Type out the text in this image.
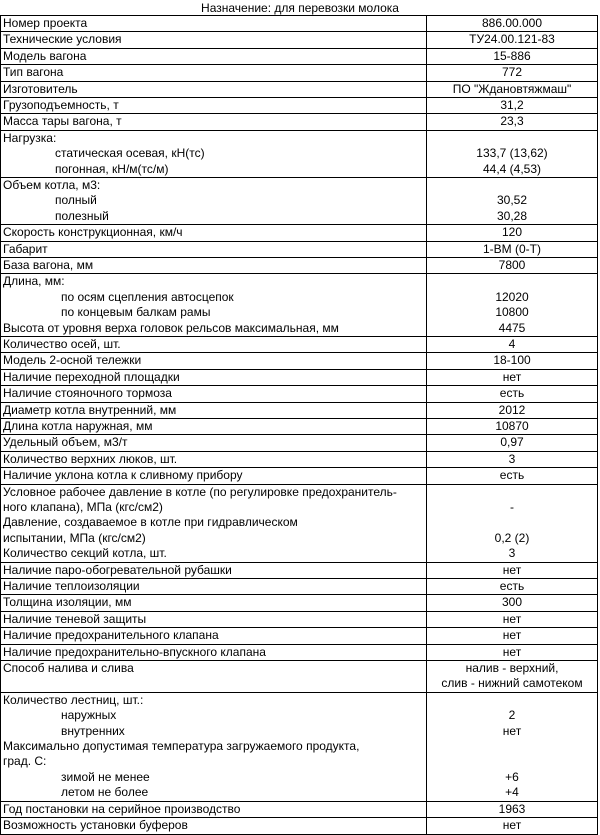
Назначение: для перевозки молока
Номер проекта	886.00.000
Технические условия	ТУ24.00.121-83
Модель вагона	15-886
Тип вагона	772
Изготовитель	ПО "Ждановтяжмаш"
Грузоподъемность, т	31,2
Масса тары вагона, т	23,3
Нагрузка:
статическая осевая, кН(тс)	133,7 (13,62)
погонная, кН/м(тс/м)	44,4 (4,53)
Объем котла, м3:
полный	30,52
полезный	30,28
Скорость конструкционная, км/ч	120
Габарит	1-ВМ (0-Т)
База вагона, мм	7800
Длина, мм:
по осям сцепления автосцепок	12020
по концевым балкам рамы	10800
Высота от уровня верха головок рельсов максимальная, мм	4475
Количество осей, шт.	4
Модель 2-осной тележки	18-100
Наличие переходной площадки	нет
Наличие стояночного тормоза	есть
Диаметр котла внутренний, мм	2012
Длина котла наружная, мм	10870
Удельный объем, м3/т	0,97
Количество верхних люков, шт.	3
Наличие уклона котла к сливному прибору	есть
Условное рабочее давление в котле (по регулировке предохранитель-
ного клапана), МПа (кгс/см2)	-
Давление, создаваемое в котле при гидравлическом
испытании, МПа (кгс/см2)	0,2 (2)
Количество секций котла, шт.	3
Наличие паро-обогревательной рубашки	нет
Наличие теплоизоляции	есть
Толщина изоляции, мм	300
Наличие теневой защиты	нет
Наличие предохранительного клапана	нет
Наличие предохранительно-впускного клапана	нет
Способ налива и слива	налив - верхний,
слив - нижний самотеком
Количество лестниц, шт.:
наружных	2
внутренних	нет
Максимально допустимая температура загружаемого продукта,
град. С:
зимой не менее	+6
летом не более	+4
Год постановки на серийное производство	1963
Возможность установки буферов	нет
